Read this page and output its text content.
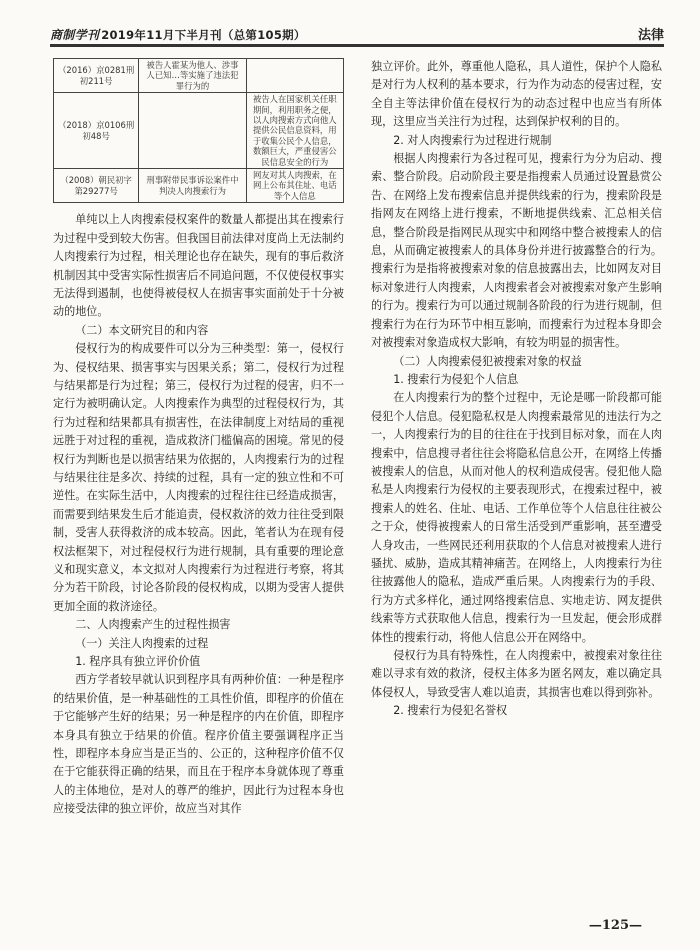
商制学刊 2019年11月下半月刊（总第105期）	法律
（2016）京0281刑初211号	被告人霍某为他人、涉事人已知…等实施了违法犯罪行为的	
（2018）京0106刑初48号		被告人在国家机关任职期间，利用职务之便，以人肉搜索方式向他人提供公民信息资料，用于收集公民个人信息，数额巨大，严重侵害公民信息安全的行为
（2008）朝民初字第29277号	刑事附带民事诉讼案件中判决人肉搜索行为	网友对其人肉搜索，在网上公布其住址、电话等个人信息

单纯以上人肉搜索侵权案件的数量人都提出其在搜索行为过程中受到较大伤害。但我国目前法律对度尚上无法制约人肉搜索行为过程，相关理论也存在缺失，现有的事后救济机制因其中受害实际性损害后不同追问题，不仅使侵权事实无法得到遏制，也使得被侵权人在损害事实面前处于十分被动的地位。

（二）本文研究目的和内容

侵权行为的构成要件可以分为三种类型：第一，侵权行为、侵权结果、损害事实与因果关系；第二，侵权行为过程与结果都是行为过程；第三，侵权行为过程的侵害，归不一定行为被明确认定。人肉搜索作为典型的过程侵权行为，其行为过程和结果都具有损害性，在法律制度上对结局的重视远胜于对过程的重视，造成救济门槛偏高的困境。常见的侵权行为判断也是以损害结果为依据的，人肉搜索行为的过程与结果往往是多次、持续的过程，具有一定的独立性和不可逆性。在实际生活中，人肉搜索的过程往往已经造成损害，而需要到结果发生后才能追责，侵权救济的效力往往受到限制，受害人获得救济的成本较高。因此，笔者认为在现有侵权法框架下，对过程侵权行为进行规制，具有重要的理论意义和现实意义，本文拟对人肉搜索行为过程进行考察，将其分为若干阶段，讨论各阶段的侵权构成，以期为受害人提供更加全面的救济途径。

二、人肉搜索产生的过程性损害

（一）关注人肉搜索的过程

1. 程序具有独立评价价值

西方学者较早就认识到程序具有两种价值：一种是程序的结果价值，是一种基础性的工具性价值，即程序的价值在于它能够产生好的结果；另一种是程序的内在价值，即程序本身具有独立于结果的价值。程序价值主要强调程序正当性，即程序本身应当是正当的、公正的，这种程序价值不仅在于它能获得正确的结果，而且在于程序本身就体现了尊重人的主体地位，是对人的尊严的维护，因此行为过程本身也应接受法律的独立评价，故应当对其作

独立评价。此外，尊重他人隐私，具人道性，保护个人隐私是对行为人权利的基本要求，行为作为动态的侵害过程，安全自主等法律价值在侵权行为的动态过程中也应当有所体现，这里应当关注行为过程，达到保护权利的目的。

2. 对人肉搜索行为过程进行规制

根据人肉搜索行为各过程可见，搜索行为分为启动、搜索、整合阶段。启动阶段主要是指搜索人员通过设置悬赏公告、在网络上发布搜索信息并提供线索的行为，搜索阶段是指网友在网络上进行搜索，不断地提供线索、汇总相关信息，整合阶段是指网民从现实中和网络中整合被搜索人的信息，从而确定被搜索人的具体身份并进行披露整合的行为。搜索行为是指将被搜索对象的信息披露出去，比如网友对目标对象进行人肉搜索，人肉搜索者会对被搜索对象产生影响的行为。搜索行为可以通过规制各阶段的行为进行规制，但搜索行为在行为环节中相互影响，而搜索行为过程本身即会对被搜索对象造成权大影响，有较为明显的损害性。

（二）人肉搜索侵犯被搜索对象的权益

1. 搜索行为侵犯个人信息

在人肉搜索行为的整个过程中，无论是哪一阶段都可能侵犯个人信息。侵犯隐私权是人肉搜索最常见的违法行为之一，人肉搜索行为的目的往往在于找到目标对象，而在人肉搜索中，信息搜寻者往往会将隐私信息公开，在网络上传播被搜索人的信息，从而对他人的权利造成侵害。侵犯他人隐私是人肉搜索行为侵权的主要表现形式，在搜索过程中，被搜索人的姓名、住址、电话、工作单位等个人信息往往被公之于众，使得被搜索人的日常生活受到严重影响，甚至遭受人身攻击，一些网民还利用获取的个人信息对被搜索人进行骚扰、威胁，造成其精神痛苦。在网络上，人肉搜索行为往往披露他人的隐私，造成严重后果。人肉搜索行为的手段、行为方式多样化，通过网络搜索信息、实地走访、网友提供线索等方式获取他人信息，搜索行为一旦发起，便会形成群体性的搜索行动，将他人信息公开在网络中。

侵权行为具有特殊性，在人肉搜索中，被搜索对象往往难以寻求有效的救济，侵权主体多为匿名网友，难以确定具体侵权人，导致受害人难以追责，其损害也难以得到弥补。

2. 搜索行为侵犯名誉权

—125—
